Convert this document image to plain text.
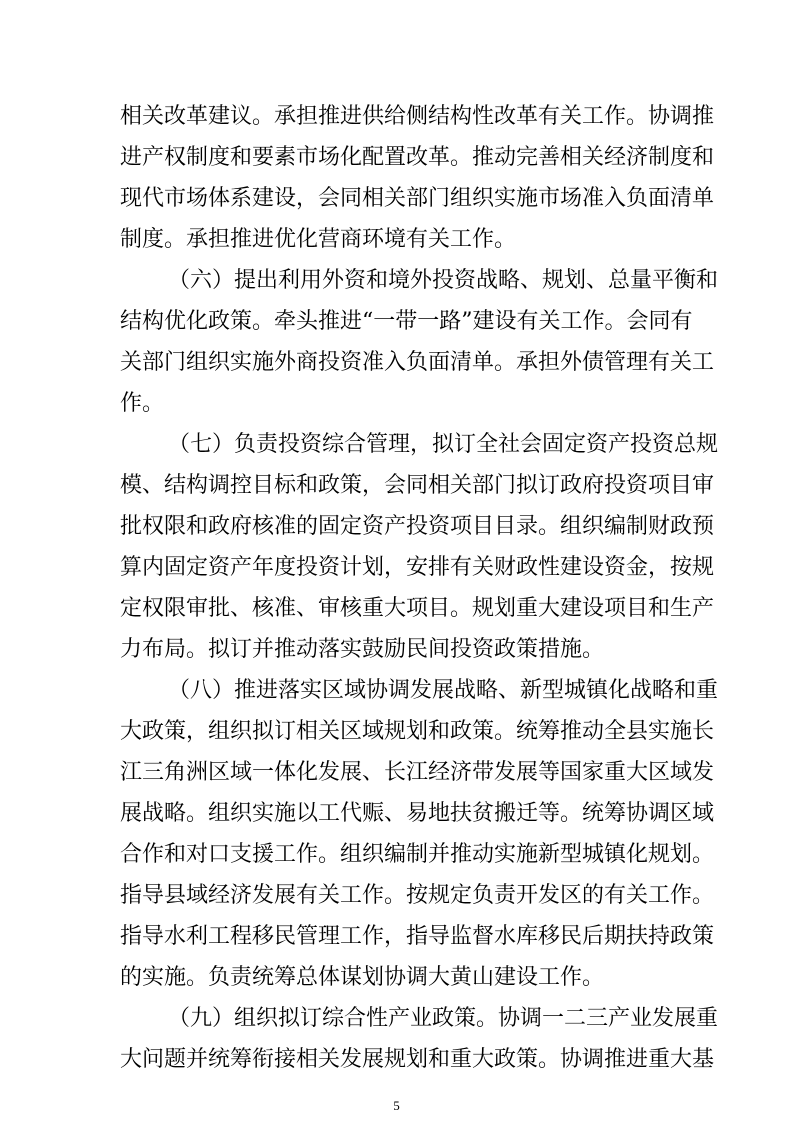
相关改革建议。承担推进供给侧结构性改革有关工作。协调推
进产权制度和要素市场化配置改革。推动完善相关经济制度和
现代市场体系建设，会同相关部门组织实施市场准入负面清单
制度。承担推进优化营商环境有关工作。
（六）提出利用外资和境外投资战略、规划、总量平衡和
结构优化政策。牵头推进“一带一路”建设有关工作。会同有
关部门组织实施外商投资准入负面清单。承担外债管理有关工
作。
（七）负责投资综合管理，拟订全社会固定资产投资总规
模、结构调控目标和政策，会同相关部门拟订政府投资项目审
批权限和政府核准的固定资产投资项目目录。组织编制财政预
算内固定资产年度投资计划，安排有关财政性建设资金，按规
定权限审批、核准、审核重大项目。规划重大建设项目和生产
力布局。拟订并推动落实鼓励民间投资政策措施。
（八）推进落实区域协调发展战略、新型城镇化战略和重
大政策，组织拟订相关区域规划和政策。统筹推动全县实施长
江三角洲区域一体化发展、长江经济带发展等国家重大区域发
展战略。组织实施以工代赈、易地扶贫搬迁等。统筹协调区域
合作和对口支援工作。组织编制并推动实施新型城镇化规划。
指导县域经济发展有关工作。按规定负责开发区的有关工作。
指导水利工程移民管理工作，指导监督水库移民后期扶持政策
的实施。负责统筹总体谋划协调大黄山建设工作。
（九）组织拟订综合性产业政策。协调一二三产业发展重
大问题并统筹衔接相关发展规划和重大政策。协调推进重大基
5
